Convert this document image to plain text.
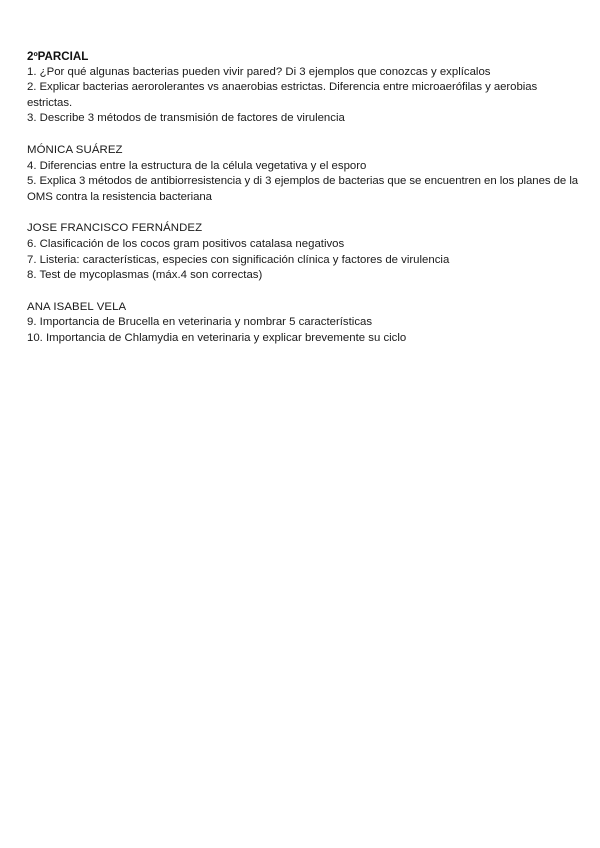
2ºPARCIAL

1. ¿Por qué algunas bacterias pueden vivir pared? Di 3 ejemplos que conozcas y explícalos

2. Explicar bacterias aerorolerantes vs anaerobias estrictas. Diferencia entre microaerófilas y aerobias estrictas.

3. Describe 3 métodos de transmisión de factores de virulencia

MÓNICA SUÁREZ

4. Diferencias entre la estructura de la célula vegetativa y el esporo

5. Explica 3 métodos de antibiorresistencia y di 3 ejemplos de bacterias que se encuentren en los planes de la OMS contra la resistencia bacteriana

JOSE FRANCISCO FERNÁNDEZ

6. Clasificación de los cocos gram positivos catalasa negativos

7. Listeria: características, especies con significación clínica y factores de virulencia

8. Test de mycoplasmas (máx.4 son correctas)

ANA ISABEL VELA

9. Importancia de Brucella en veterinaria y nombrar 5 características

10. Importancia de Chlamydia en veterinaria y explicar brevemente su ciclo
